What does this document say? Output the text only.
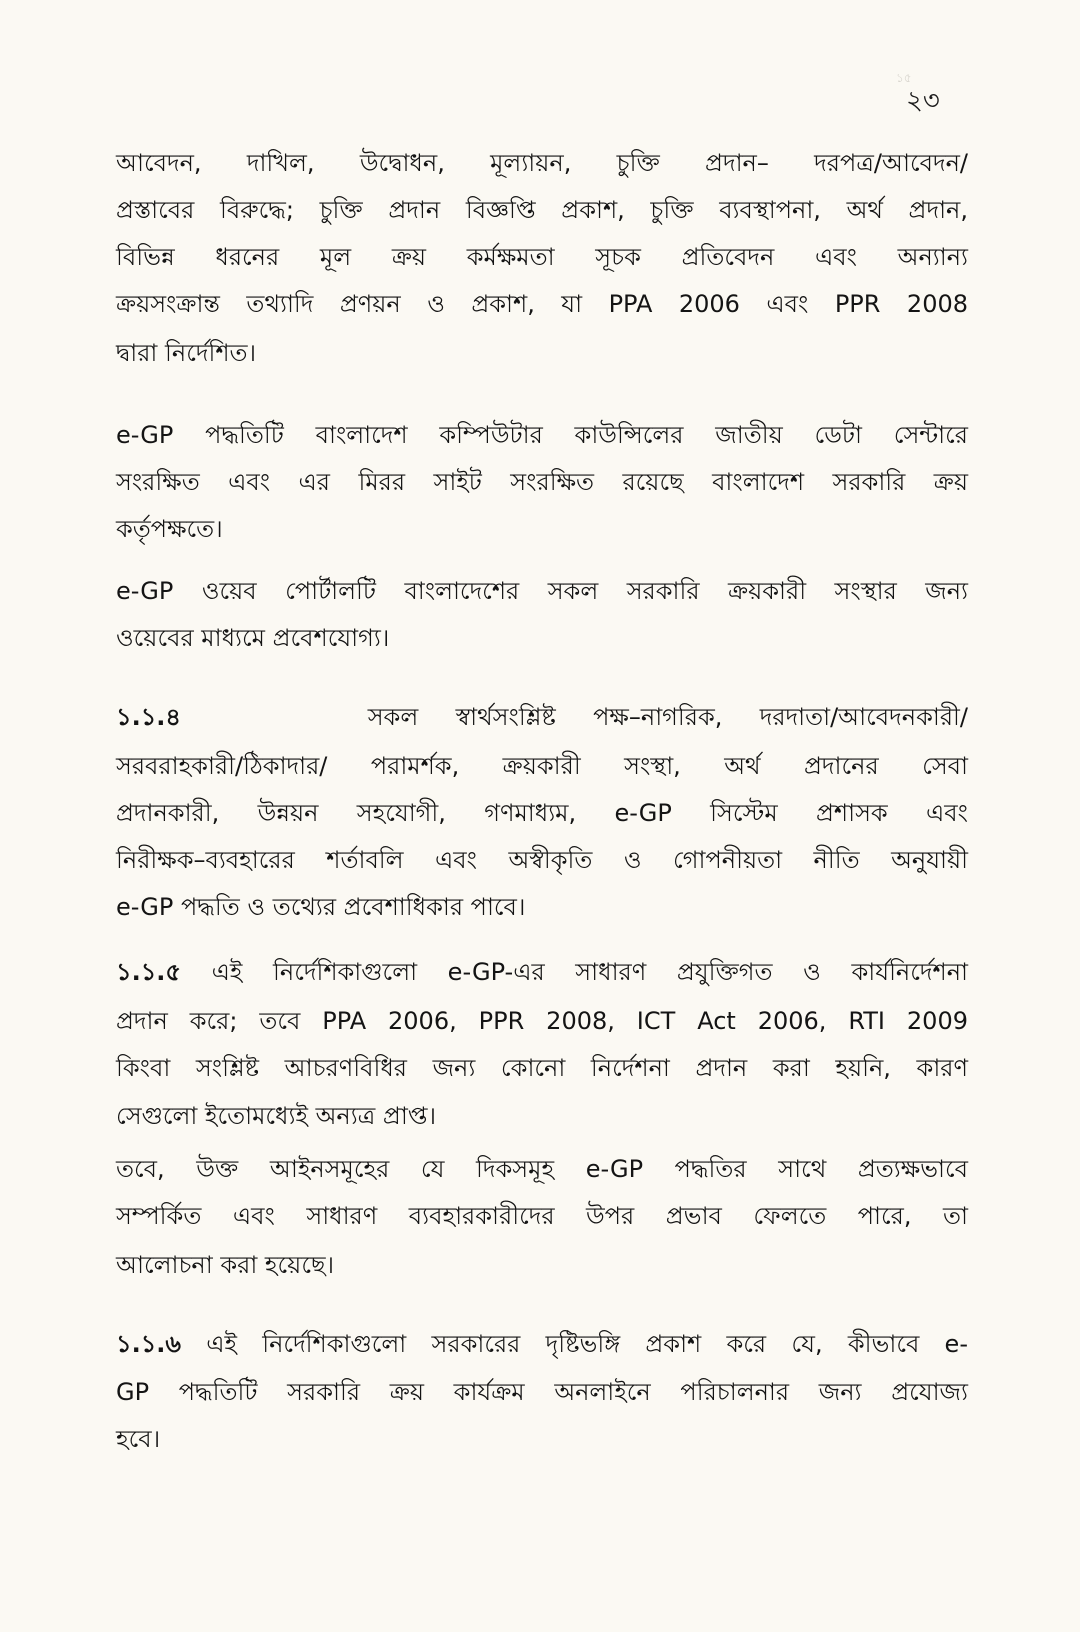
১৫
২৩
আবেদন, দাখিল, উদ্বোধন, মূল্যায়ন, চুক্তি প্রদান– দরপত্র/আবেদন/
প্রস্তাবের বিরুদ্ধে; চুক্তি প্রদান বিজ্ঞপ্তি প্রকাশ, চুক্তি ব্যবস্থাপনা, অর্থ প্রদান,
বিভিন্ন ধরনের মূল ক্রয় কর্মক্ষমতা সূচক প্রতিবেদন এবং অন্যান্য
ক্রয়সংক্রান্ত তথ্যাদি প্রণয়ন ও প্রকাশ, যা PPA 2006 এবং PPR 2008
দ্বারা নির্দেশিত।
e-GP পদ্ধতিটি বাংলাদেশ কম্পিউটার কাউন্সিলের জাতীয় ডেটা সেন্টারে
সংরক্ষিত এবং এর মিরর সাইট সংরক্ষিত রয়েছে বাংলাদেশ সরকারি ক্রয়
কর্তৃপক্ষতে।
e-GP ওয়েব পোর্টালটি বাংলাদেশের সকল সরকারি ক্রয়কারী সংস্থার জন্য
ওয়েবের মাধ্যমে প্রবেশযোগ্য।
১.১.৪	সকল স্বার্থসংশ্লিষ্ট পক্ষ–নাগরিক, দরদাতা/আবেদনকারী/
সরবরাহকারী/ঠিকাদার/ পরামর্শক, ক্রয়কারী সংস্থা, অর্থ প্রদানের সেবা
প্রদানকারী, উন্নয়ন সহযোগী, গণমাধ্যম, e-GP সিস্টেম প্রশাসক এবং
নিরীক্ষক–ব্যবহারের শর্তাবলি এবং অস্বীকৃতি ও গোপনীয়তা নীতি অনুযায়ী
e-GP পদ্ধতি ও তথ্যের প্রবেশাধিকার পাবে।
১.১.৫ এই নির্দেশিকাগুলো e-GP-এর সাধারণ প্রযুক্তিগত ও কার্যনির্দেশনা
প্রদান করে; তবে PPA 2006, PPR 2008, ICT Act 2006, RTI 2009
কিংবা সংশ্লিষ্ট আচরণবিধির জন্য কোনো নির্দেশনা প্রদান করা হয়নি, কারণ
সেগুলো ইতোমধ্যেই অন্যত্র প্রাপ্ত।
তবে, উক্ত আইনসমূহের যে দিকসমূহ e-GP পদ্ধতির সাথে প্রত্যক্ষভাবে
সম্পর্কিত এবং সাধারণ ব্যবহারকারীদের উপর প্রভাব ফেলতে পারে, তা
আলোচনা করা হয়েছে।
১.১.৬ এই নির্দেশিকাগুলো সরকারের দৃষ্টিভঙ্গি প্রকাশ করে যে, কীভাবে e-
GP পদ্ধতিটি সরকারি ক্রয় কার্যক্রম অনলাইনে পরিচালনার জন্য প্রযোজ্য
হবে।
